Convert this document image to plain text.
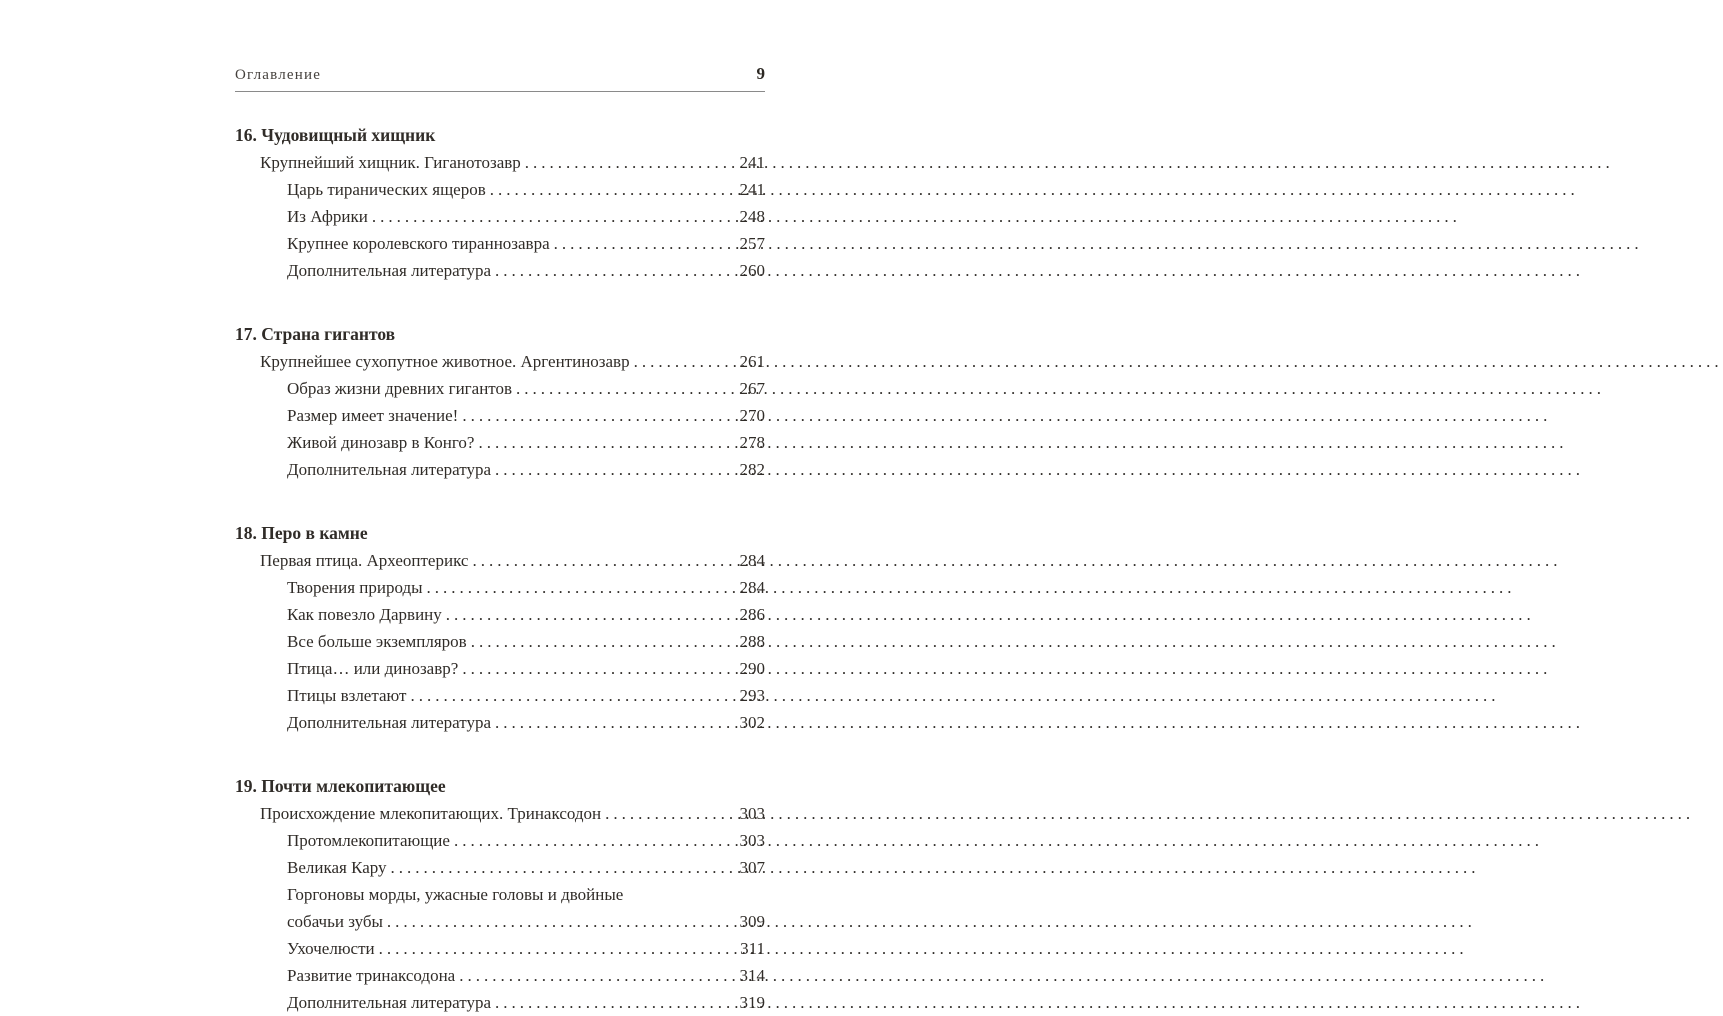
Оглавление	9
16. Чудовищный хищник
Крупнейший хищник. Гиганотозавр .....	241
Царь тиранических ящеров .....	241
Из Африки .....	248
Крупнее королевского тираннозавра .....	257
Дополнительная литература .....	260
17. Страна гигантов
Крупнейшее сухопутное животное. Аргентинозавр .....	261
Образ жизни древних гигантов .....	267
Размер имеет значение! .....	270
Живой динозавр в Конго? .....	278
Дополнительная литература .....	282
18. Перо в камне
Первая птица. Археоптерикс .....	284
Творения природы .....	284
Как повезло Дарвину .....	286
Все больше экземпляров .....	288
Птица… или динозавр? .....	290
Птицы взлетают .....	293
Дополнительная литература .....	302
19. Почти млекопитающее
Происхождение млекопитающих. Тринаксодон .....	303
Протомлекопитающие .....	303
Великая Кару .....	307
Горгоновы морды, ужасные головы и двойные
собачьи зубы .....	309
Ухочелюсти .....	311
Развитие тринаксодона .....	314
Дополнительная литература .....	319
